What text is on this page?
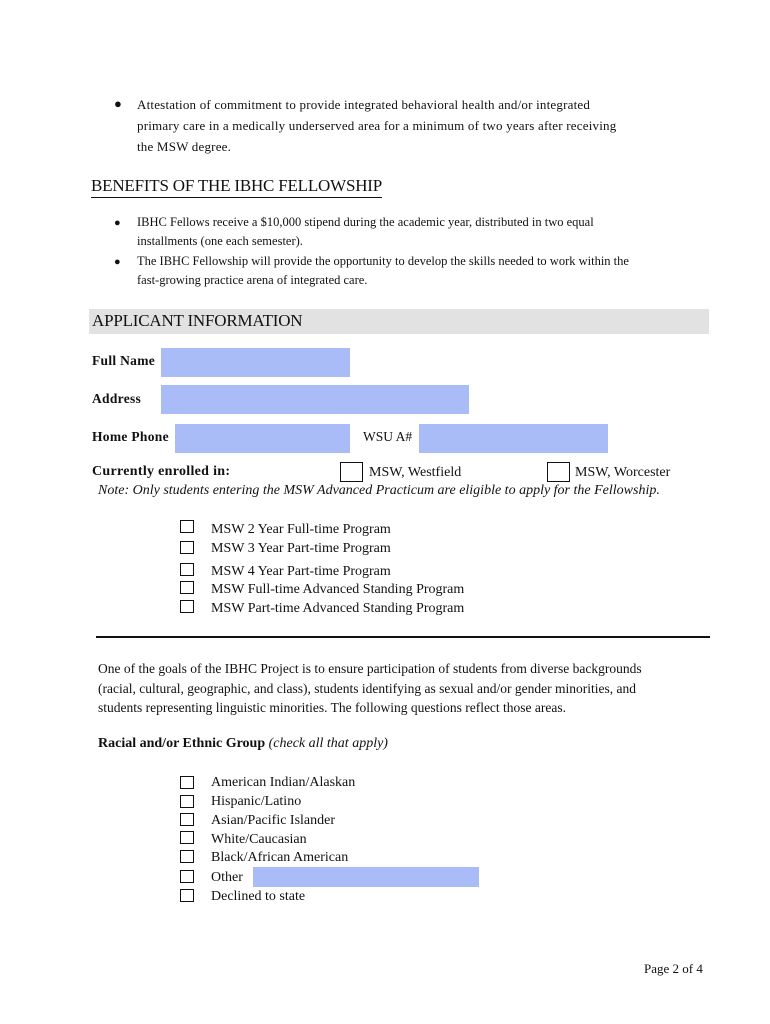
● Attestation of commitment to provide integrated behavioral health and/or integrated
primary care in a medically underserved area for a minimum of two years after receiving
the MSW degree.
BENEFITS OF THE IBHC FELLOWSHIP
● IBHC Fellows receive a $10,000 stipend during the academic year, distributed in two equal
installments (one each semester).
● The IBHC Fellowship will provide the opportunity to develop the skills needed to work within the
fast-growing practice arena of integrated care.
APPLICANT INFORMATION
Full Name
Address
Home Phone	WSU A#
Currently enrolled in:	MSW, Westfield	MSW, Worcester
Note: Only students entering the MSW Advanced Practicum are eligible to apply for the Fellowship.
MSW 2 Year Full-time Program
MSW 3 Year Part-time Program
MSW 4 Year Part-time Program
MSW Full-time Advanced Standing Program
MSW Part-time Advanced Standing Program
One of the goals of the IBHC Project is to ensure participation of students from diverse backgrounds
(racial, cultural, geographic, and class), students identifying as sexual and/or gender minorities, and
students representing linguistic minorities. The following questions reflect those areas.
Racial and/or Ethnic Group (check all that apply)
American Indian/Alaskan
Hispanic/Latino
Asian/Pacific Islander
White/Caucasian
Black/African American
Other
Declined to state
Page 2 of 4
